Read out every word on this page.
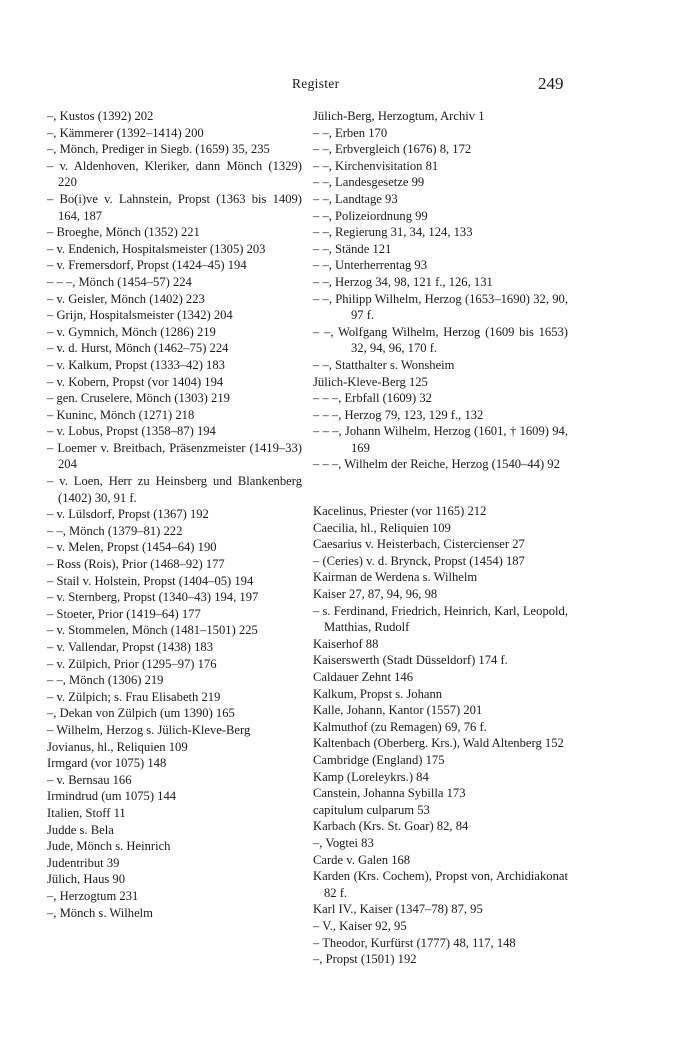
Register	249
–, Kustos (1392) 202
–, Kämmerer (1392–1414) 200
–, Mönch, Prediger in Siegb. (1659) 35, 235
– v. Aldenhoven, Kleriker, dann Mönch (1329) 220
– Bo(i)ve v. Lahnstein, Propst (1363 bis 1409) 164, 187
– Broeghe, Mönch (1352) 221
– v. Endenich, Hospitalsmeister (1305) 203
– v. Fremersdorf, Propst (1424–45) 194
– – –, Mönch (1454–57) 224
– v. Geisler, Mönch (1402) 223
– Grijn, Hospitalsmeister (1342) 204
– v. Gymnich, Mönch (1286) 219
– v. d. Hurst, Mönch (1462–75) 224
– v. Kalkum, Propst (1333–42) 183
– v. Kobern, Propst (vor 1404) 194
– gen. Cruselere, Mönch (1303) 219
– Kuninc, Mönch (1271) 218
– v. Lobus, Propst (1358–87) 194
– Loemer v. Breitbach, Präsenzmeister (1419–33) 204
– v. Loen, Herr zu Heinsberg und Blankenberg (1402) 30, 91 f.
– v. Lülsdorf, Propst (1367) 192
– –, Mönch (1379–81) 222
– v. Melen, Propst (1454–64) 190
– Ross (Rois), Prior (1468–92) 177
– Stail v. Holstein, Propst (1404–05) 194
– v. Sternberg, Propst (1340–43) 194, 197
– Stoeter, Prior (1419–64) 177
– v. Stommelen, Mönch (1481–1501) 225
– v. Vallendar, Propst (1438) 183
– v. Zülpich, Prior (1295–97) 176
– –, Mönch (1306) 219
– v. Zülpich; s. Frau Elisabeth 219
–, Dekan von Zülpich (um 1390) 165
– Wilhelm, Herzog s. Jülich-Kleve-Berg
Jovianus, hl., Reliquien 109
Irmgard (vor 1075) 148
– v. Bernsau 166
Irmindrud (um 1075) 144
Italien, Stoff 11
Judde s. Bela
Jude, Mönch s. Heinrich
Judentribut 39
Jülich, Haus 90
–, Herzogtum 231
–, Mönch s. Wilhelm
Jülich-Berg, Herzogtum, Archiv 1
– –, Erben 170
– –, Erbvergleich (1676) 8, 172
– –, Kirchenvisitation 81
– –, Landesgesetze 99
– –, Landtage 93
– –, Polizeiordnung 99
– –, Regierung 31, 34, 124, 133
– –, Stände 121
– –, Unterherrentag 93
– –, Herzog 34, 98, 121 f., 126, 131
– –, Philipp Wilhelm, Herzog (1653–1690) 32, 90, 97 f.
– –, Wolfgang Wilhelm, Herzog (1609 bis 1653) 32, 94, 96, 170 f.
– –, Statthalter s. Wonsheim
Jülich-Kleve-Berg 125
– – –, Erbfall (1609) 32
– – –, Herzog 79, 123, 129 f., 132
– – –, Johann Wilhelm, Herzog (1601, † 1609) 94, 169
– – –, Wilhelm der Reiche, Herzog (1540–44) 92
Kacelinus, Priester (vor 1165) 212
Caecilia, hl., Reliquien 109
Caesarius v. Heisterbach, Cistercienser 27
– (Ceries) v. d. Brynck, Propst (1454) 187
Kairman de Werdena s. Wilhelm
Kaiser 27, 87, 94, 96, 98
– s. Ferdinand, Friedrich, Heinrich, Karl, Leopold, Matthias, Rudolf
Kaiserhof 88
Kaiserswerth (Stadt Düsseldorf) 174 f.
Caldauer Zehnt 146
Kalkum, Propst s. Johann
Kalle, Johann, Kantor (1557) 201
Kalmuthof (zu Remagen) 69, 76 f.
Kaltenbach (Oberberg. Krs.), Wald Altenberg 152
Cambridge (England) 175
Kamp (Loreleykrs.) 84
Canstein, Johanna Sybilla 173
capitulum culparum 53
Karbach (Krs. St. Goar) 82, 84
–, Vogtei 83
Carde v. Galen 168
Karden (Krs. Cochem), Propst von, Archidiakonat 82 f.
Karl IV., Kaiser (1347–78) 87, 95
– V., Kaiser 92, 95
– Theodor, Kurfürst (1777) 48, 117, 148
–, Propst (1501) 192
